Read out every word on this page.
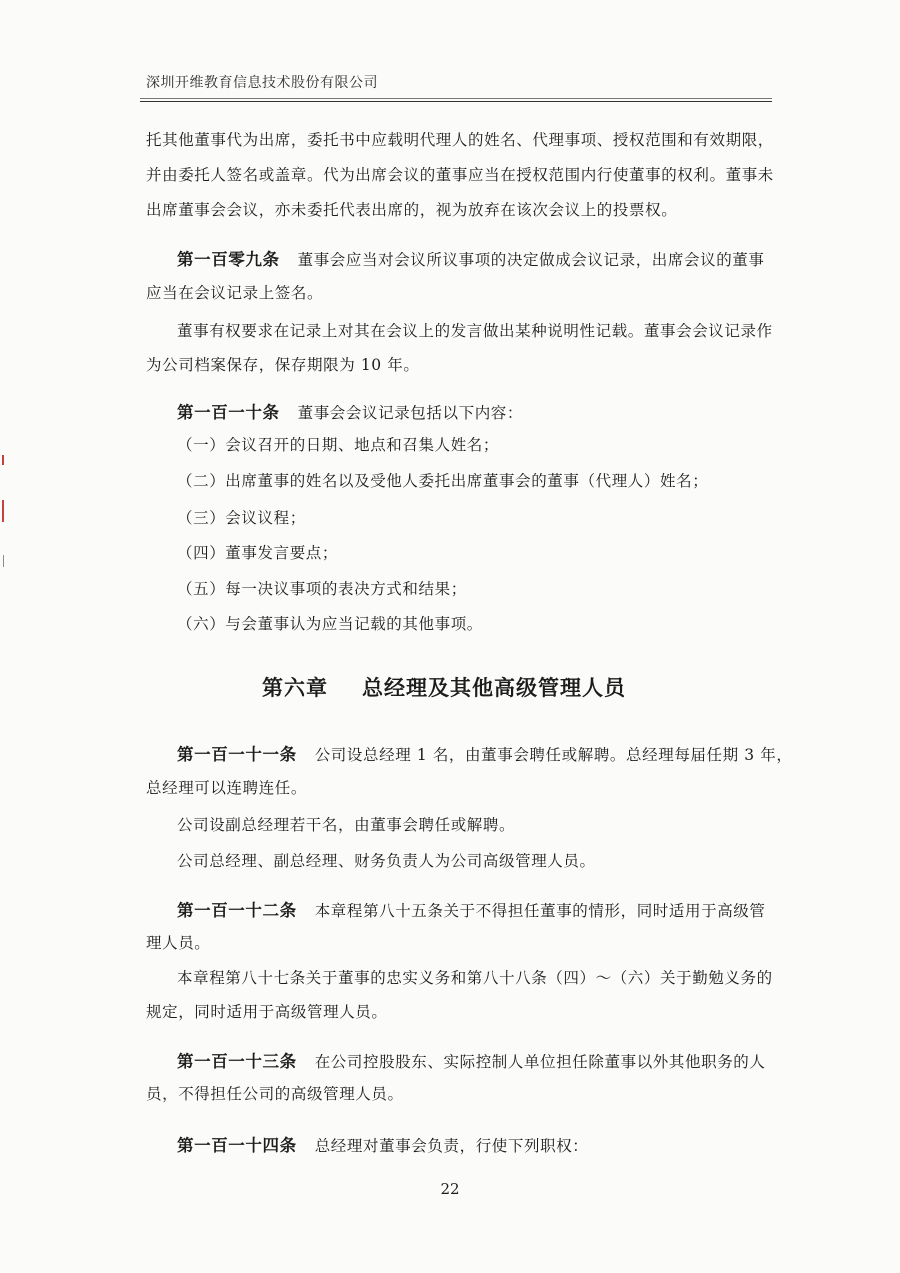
深圳开维教育信息技术股份有限公司
托其他董事代为出席，委托书中应载明代理人的姓名、代理事项、授权范围和有效期限，
并由委托人签名或盖章。代为出席会议的董事应当在授权范围内行使董事的权利。董事未
出席董事会会议，亦未委托代表出席的，视为放弃在该次会议上的投票权。
第一百零九条 董事会应当对会议所议事项的决定做成会议记录，出席会议的董事
应当在会议记录上签名。
董事有权要求在记录上对其在会议上的发言做出某种说明性记载。董事会会议记录作
为公司档案保存，保存期限为 10 年。
第一百一十条 董事会会议记录包括以下内容：
（一）会议召开的日期、地点和召集人姓名；
（二）出席董事的姓名以及受他人委托出席董事会的董事（代理人）姓名；
（三）会议议程；
（四）董事发言要点；
（五）每一决议事项的表决方式和结果；
（六）与会董事认为应当记载的其他事项。
第六章 总经理及其他高级管理人员
第一百一十一条 公司设总经理 1 名，由董事会聘任或解聘。总经理每届任期 3 年，
总经理可以连聘连任。
公司设副总经理若干名，由董事会聘任或解聘。
公司总经理、副总经理、财务负责人为公司高级管理人员。
第一百一十二条 本章程第八十五条关于不得担任董事的情形，同时适用于高级管
理人员。
本章程第八十七条关于董事的忠实义务和第八十八条（四）～（六）关于勤勉义务的
规定，同时适用于高级管理人员。
第一百一十三条 在公司控股股东、实际控制人单位担任除董事以外其他职务的人
员，不得担任公司的高级管理人员。
第一百一十四条 总经理对董事会负责，行使下列职权：
22
